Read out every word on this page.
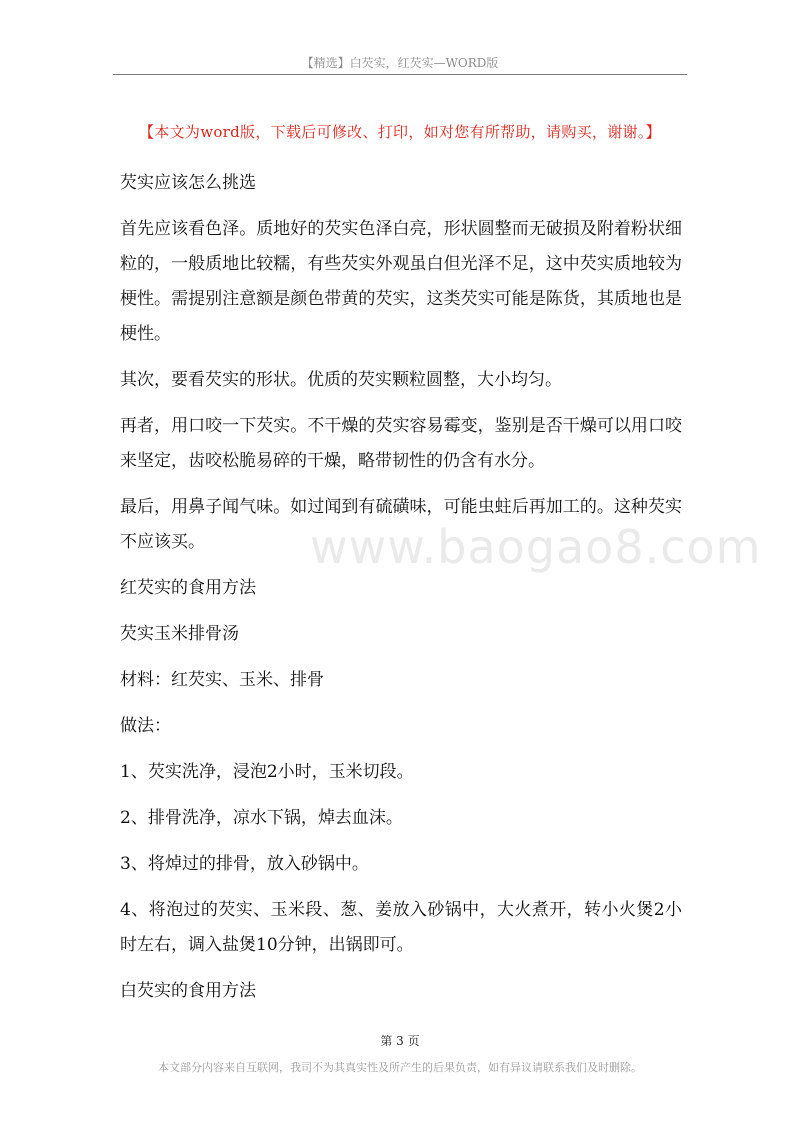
【精选】白芡实，红芡实—WORD版
【本文为word版，下载后可修改、打印，如对您有所帮助，请购买，谢谢。】
www.baogao8.com

芡实应该怎么挑选

首先应该看色泽。质地好的芡实色泽白亮，形状圆整而无破损及附着粉状细粒的，一般质地比较糯，有些芡实外观虽白但光泽不足，这中芡实质地较为梗性。需提别注意额是颜色带黄的芡实，这类芡实可能是陈货，其质地也是梗性。

其次，要看芡实的形状。优质的芡实颗粒圆整，大小均匀。

再者，用口咬一下芡实。不干燥的芡实容易霉变，鉴别是否干燥可以用口咬来坚定，齿咬松脆易碎的干燥，略带韧性的仍含有水分。

最后，用鼻子闻气味。如过闻到有硫磺味，可能虫蛀后再加工的。这种芡实不应该买。

红芡实的食用方法

芡实玉米排骨汤

材料：红芡实、玉米、排骨

做法：

1、芡实洗净，浸泡2小时，玉米切段。

2、排骨洗净，凉水下锅，焯去血沫。

3、将焯过的排骨，放入砂锅中。

4、将泡过的芡实、玉米段、葱、姜放入砂锅中，大火煮开，转小火煲2小时左右，调入盐煲10分钟，出锅即可。

白芡实的食用方法

第 3 页
本文部分内容来自互联网，我司不为其真实性及所产生的后果负责，如有异议请联系我们及时删除。
